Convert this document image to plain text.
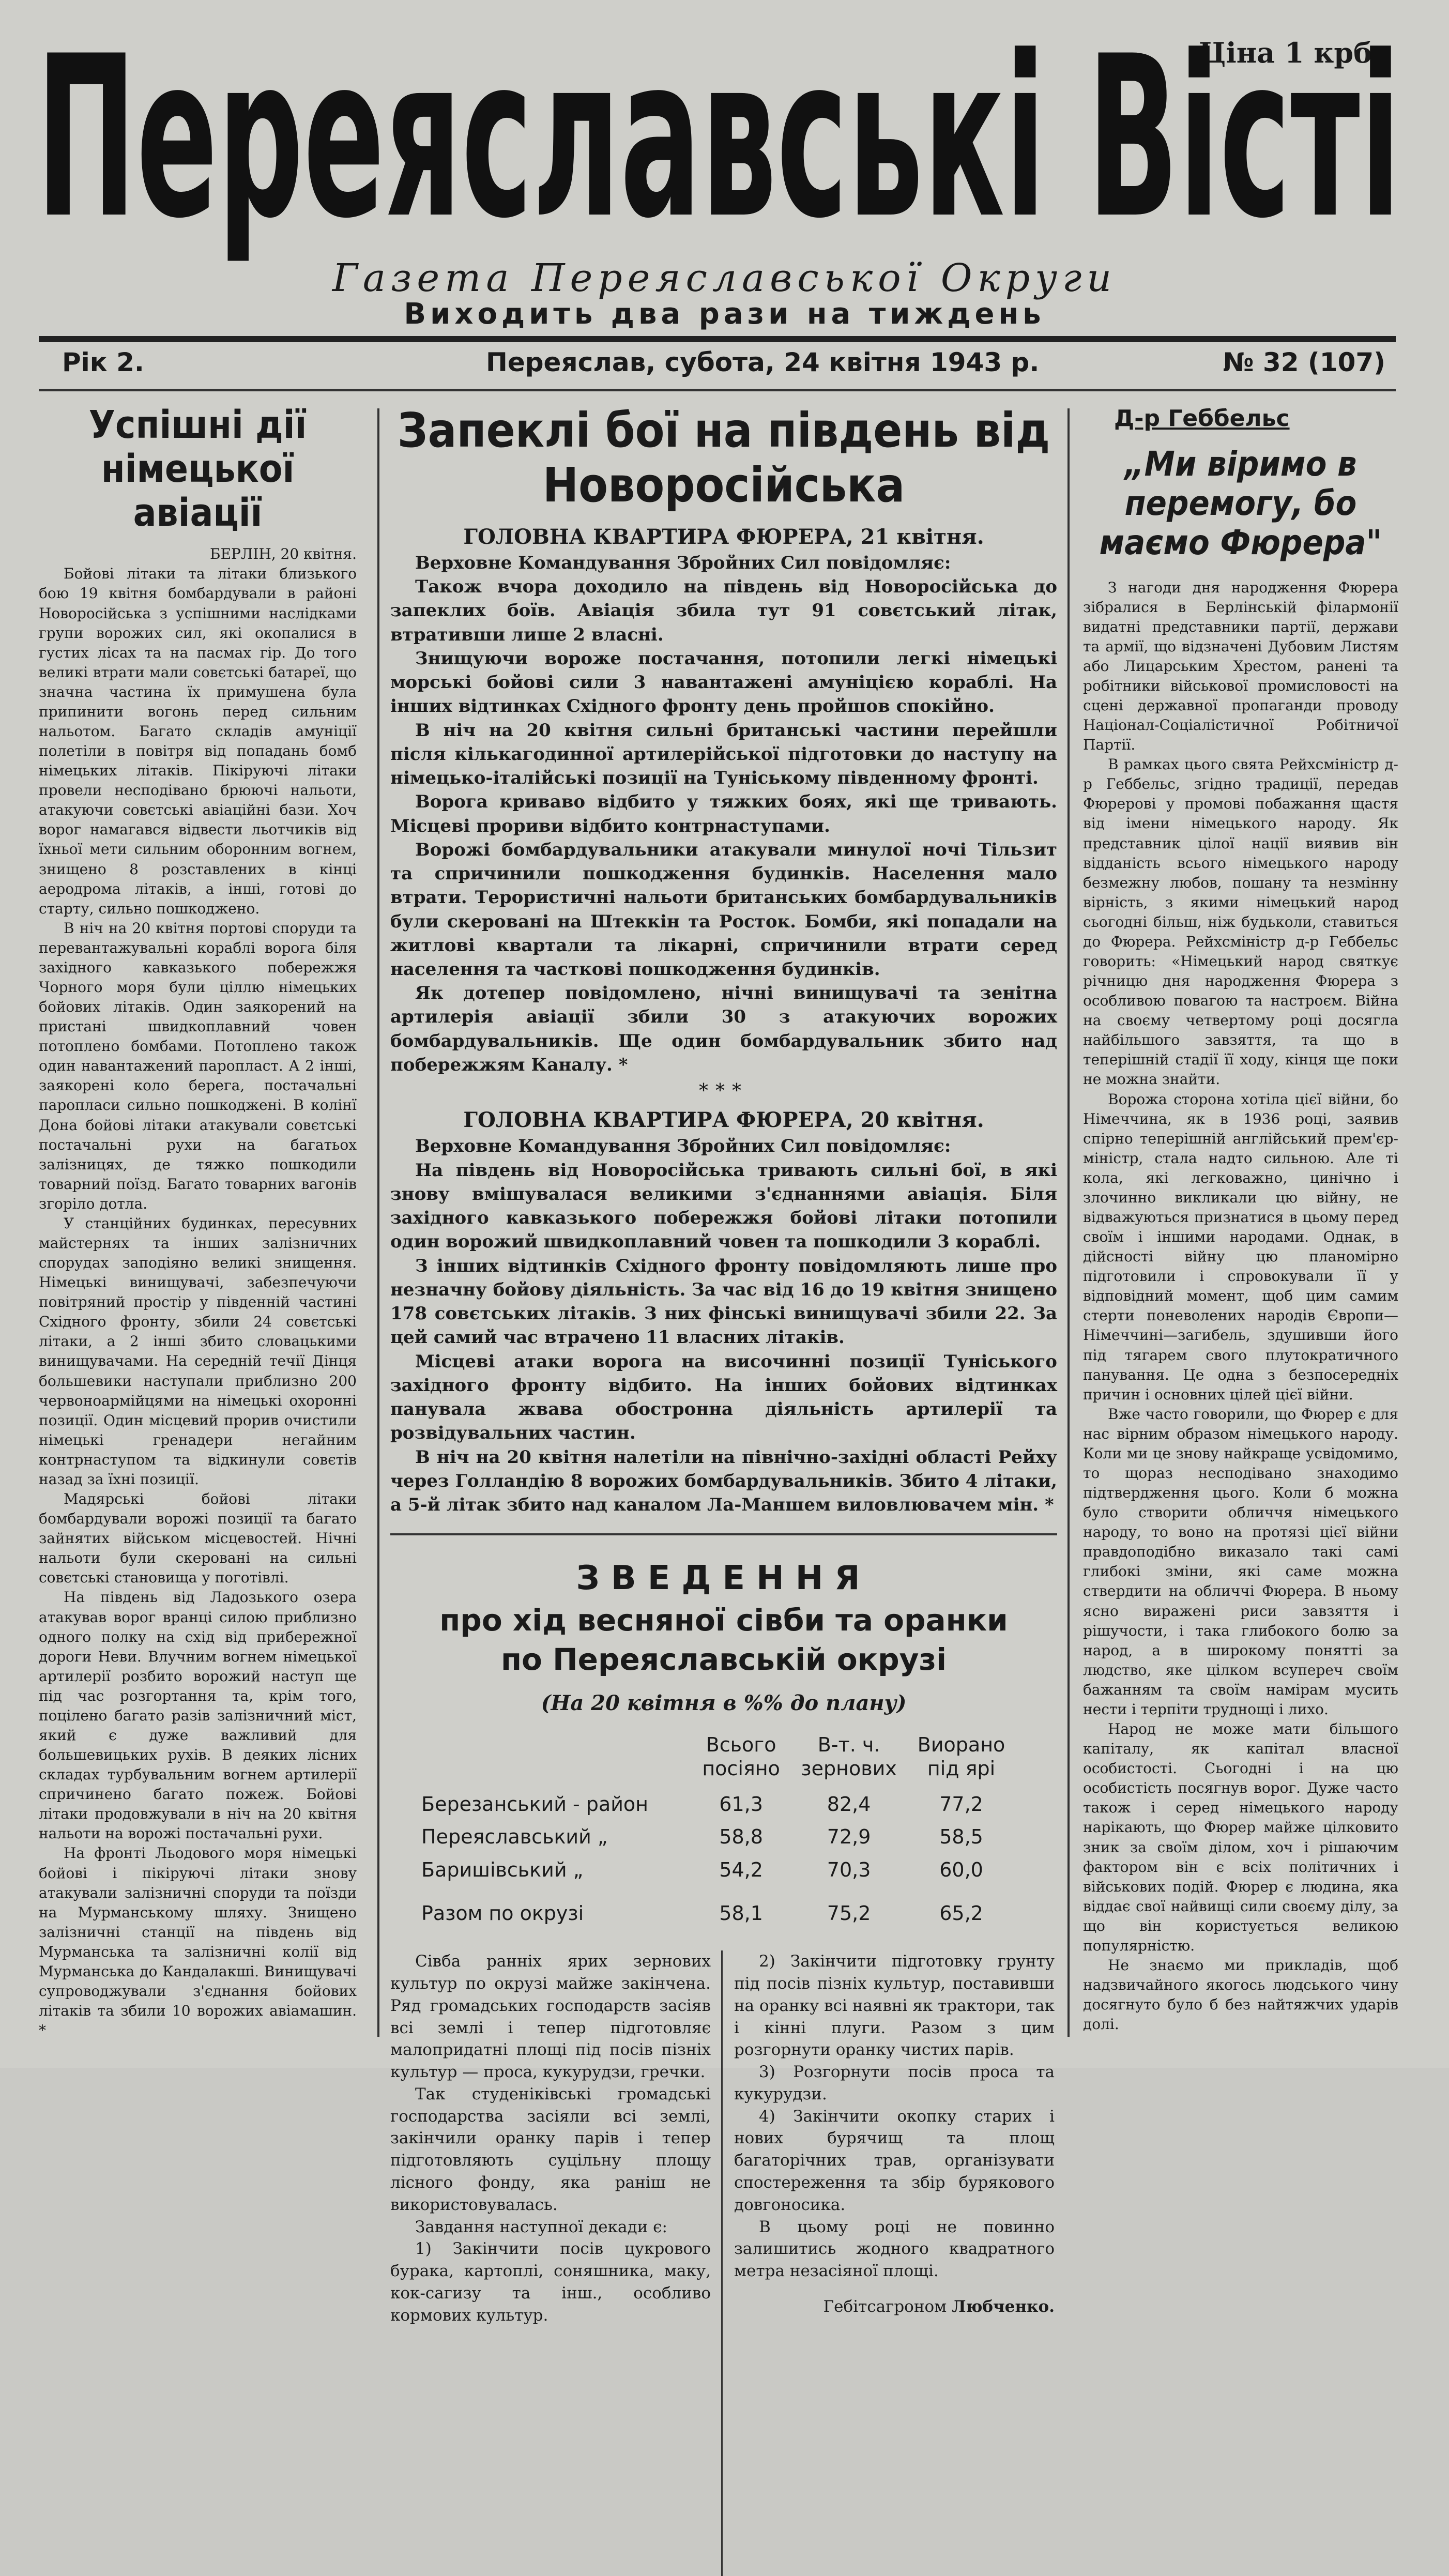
Ціна 1 крб.
Переяславські Вісті
Газета Переяславської Округи
Виходить два рази на тиждень
Рік 2.	Переяслав, субота, 24 квітня 1943 р.	№ 32 (107)
Успішні дії німецької авіації

БЕРЛІН, 20 квітня.

Бойові літаки та літаки близького бою 19 квітня бомбардували в районі Новоросійська з успішними наслідками групи ворожих сил, які окопалися в густих лісах та на пасмах гір. До того великі втрати мали совєтські батареї, що значна частина їх примушена була припинити вогонь перед сильним нальотом. Багато складів амуніції полетіли в повітря від попадань бомб німецьких літаків. Пікіруючі літаки провели несподівано брюючі нальоти, атакуючи совєтські авіаційні бази. Хоч ворог намагався відвести льотчиків від їхньої мети сильним оборонним вогнем, знищено 8 розставлених в кінці аеродрома літаків, а інші, готові до старту, сильно пошкоджено.

В ніч на 20 квітня портові споруди та перевантажувальні кораблі ворога біля західного кавказького побережжя Чорного моря були ціллю німецьких бойових літаків. Один заякорений на пристані швидкоплавний човен потоплено бомбами. Потоплено також один навантажений паропласт. А 2 інші, заякорені коло берега, постачальні паропласи сильно пошкоджені. В колінї Дона бойові літаки атакували совєтські постачальні рухи на багатьох залізницях, де тяжко пошкодили товарний поїзд. Багато товарних вагонів згоріло дотла.

У станційних будинках, пересувних майстернях та інших залізничних спорудах заподіяно великі знищення. Німецькі винищувачі, забезпечуючи повітряний простір у південній частині Східного фронту, збили 24 совєтські літаки, а 2 інші збито словацькими винищувачами. На середній течії Дінця большевики наступали приблизно 200 червоноармійцями на німецькі охоронні позиції. Один місцевий прорив очистили німецькі гренадери негайним контрнаступом та відкинули совєтів назад за їхні позиції.

Мадярські бойові літаки бомбардували ворожі позиції та багато зайнятих військом місцевостей. Нічні нальоти були скеровані на сильні совєтські становища у поготівлі.

На південь від Ладозького озера атакував ворог вранці силою приблизно одного полку на схід від прибережної дороги Неви. Влучним вогнем німецької артилерії розбито ворожий наступ ще під час розгортання та, крім того, поцілено багато разів залізничний міст, який є дуже важливий для большевицьких рухів. В деяких лісних складах турбувальним вогнем артилерії спричинено багато пожеж. Бойові літаки продовжували в ніч на 20 квітня нальоти на ворожі постачальні рухи.

На фронті Льодового моря німецькі бойові і пікіруючі літаки знову атакували залізничні споруди та поїзди на Мурманському шляху. Знищено залізничні станції на південь від Мурманська та залізничні колії від Мурманська до Кандалакші. Винищувачі супроводжували з'єднання бойових літаків та збили 10 ворожих авіамашин. *

Запеклі бої на південь від Новоросійська
ГОЛОВНА КВАРТИРА ФЮРЕРА, 21 квітня.

Верховне Командування Збройних Сил повідомляє:

Також вчора доходило на південь від Новоросійська до запеклих боїв. Авіація збила тут 91 совєтський літак, втративши лише 2 власні.

Знищуючи вороже постачання, потопили легкі німецькі морські бойові сили 3 навантажені амуніцією кораблі. На інших відтинках Східного фронту день пройшов спокійно.

В ніч на 20 квітня сильні британські частини перейшли після кількагодинної артилерійської підготовки до наступу на німецько-італійські позиції на Туніському південному фронті.

Ворога криваво відбито у тяжких боях, які ще тривають. Місцеві прориви відбито контрнаступами.

Ворожі бомбардувальники атакували минулої ночі Тільзит та спричинили пошкодження будинків. Населення мало втрати. Терористичні нальоти британських бомбардувальників були скеровані на Штеккін та Росток. Бомби, які попадали на житлові квартали та лікарні, спричинили втрати серед населення та часткові пошкодження будинків.

Як дотепер повідомлено, нічні винищувачі та зенітна артилерія авіації збили 30 з атакуючих ворожих бомбардувальників. Ще один бомбардувальник збито над побережжям Каналу. *

***
ГОЛОВНА КВАРТИРА ФЮРЕРА, 20 квітня.

Верховне Командування Збройних Сил повідомляє:

На південь від Новоросійська тривають сильні бої, в які знову вмішувалася великими з'єднаннями авіація. Біля західного кавказького побережжя бойові літаки потопили один ворожий швидкоплавний човен та пошкодили 3 кораблі.

З інших відтинків Східного фронту повідомляють лише про незначну бойову діяльність. За час від 16 до 19 квітня знищено 178 совєтських літаків. З них фінські винищувачі збили 22. За цей самий час втрачено 11 власних літаків.

Місцеві атаки ворога на височинні позиції Туніського західного фронту відбито. На інших бойових відтинках панувала жвава обостронна діяльність артилерії та розвідувальних частин.

В ніч на 20 квітня налетіли на північно-західні області Рейху через Голландію 8 ворожих бомбардувальників. Збито 4 літаки, а 5-й літак збито над каналом Ла-Маншем виловлювачем мін. *

ЗВЕДЕННЯ
про хід весняної сівби та оранки
по Переяславській окрузі
(На 20 квітня в %% до плану)
	Всього посіяно	В-т. ч. зернових	Виорано під ярі
Березанський - район	61,3	82,4	77,2
Переяславський „	58,8	72,9	58,5
Баришівський „	54,2	70,3	60,0
Разом по окрузі	58,1	75,2	65,2

Сівба ранніх ярих зернових культур по окрузі майже закінчена. Ряд громадських господарств засіяв всі землі і тепер підготовляє малопридатні площі під посів пізніх культур — проса, кукурудзи, гречки.

Так студеніківські громадські господарства засіяли всі землі, закінчили оранку парів і тепер підготовляють суцільну площу лісного фонду, яка раніш не використовувалась.

Завдання наступної декади є:

1) Закінчити посів цукрового бурака, картоплі, соняшника, маку, кок-сагизу та інш., особливо кормових культур.

2) Закінчити підготовку грунту під посів пізніх культур, поставивши на оранку всі наявні як трактори, так і кінні плуги. Разом з цим розгорнути оранку чистих парів.

3) Розгорнути посів проса та кукурудзи.

4) Закінчити окопку старих і нових бурячищ та площ багаторічних трав, організувати спостереження та збір бурякового довгоносика.

В цьому році не повинно залишитись жодного квадратного метра незасіяної площі.

Гебітсагроном Любченко.
Д-р Геббельс
„Ми віримо в перемогу, бо маємо Фюрера"

З нагоди дня народження Фюрера зібралися в Берлінській філармонії видатні представники партії, держави та армії, що відзначені Дубовим Листям або Лицарським Хрестом, ранені та робітники військової промисловості на сцені державної пропаганди проводу Націонал-Соціалістичної Робітничої Партії.

В рамках цього свята Рейхсміністр д-р Геббельс, згідно традиції, передав Фюрерові у промові побажання щастя від імени німецького народу. Як представник цілої нації виявив він відданість всього німецького народу безмежну любов, пошану та незмінну вірність, з якими німецький народ сьогодні більш, ніж будьколи, ставиться до Фюрера. Рейхсміністр д-р Геббельс говорить: «Німецький народ святкує річницю дня народження Фюрера з особливою повагою та настроєм. Війна на своєму четвертому році досягла найбільшого завзяття, та що в теперішній стадії її ходу, кінця ще поки не можна знайти.

Ворожа сторона хотіла цієї війни, бо Німеччина, як в 1936 році, заявив спірно теперішній англійський прем'єр-міністр, стала надто сильною. Але ті кола, які легковажно, цинічно і злочинно викликали цю війну, не відважуються признатися в цьому перед своїм і іншими народами. Однак, в дійсності війну цю планомірно підготовили і спровокували її у відповідний момент, щоб цим самим стерти поневолених народів Європи—Німеччині—загибель, здушивши його під тягарем свого плутократичного панування. Це одна з безпосередніх причин і основних цілей цієї війни.

Вже часто говорили, що Фюрер є для нас вірним образом німецького народу. Коли ми це знову найкраще усвідомимо, то щораз несподівано знаходимо підтвердження цього. Коли б можна було створити обличчя німецького народу, то воно на протязі цієї війни правдоподібно виказало такі самі глибокі зміни, які саме можна ствердити на обличчі Фюрера. В ньому ясно виражені риси завзяття і рішучости, і така глибокого болю за народ, а в широкому понятті за людство, яке цілком всупереч своїм бажанням та своїм намірам мусить нести і терпіти труднощі і лихо.

Народ не може мати більшого капіталу, як капітал власної особистості. Сьогодні і на цю особистість посягнув ворог. Дуже часто також і серед німецького народу нарікають, що Фюрер майже цілковито зник за своїм ділом, хоч і рішаючим фактором він є всіх політичних і військових подій. Фюрер є людина, яка віддає свої найвищі сили своєму ділу, за що він користується великою популярністю.

Не знаємо ми прикладів, щоб надзвичайного якогось людського чину досягнуто було б без найтяжчих ударів долі.
